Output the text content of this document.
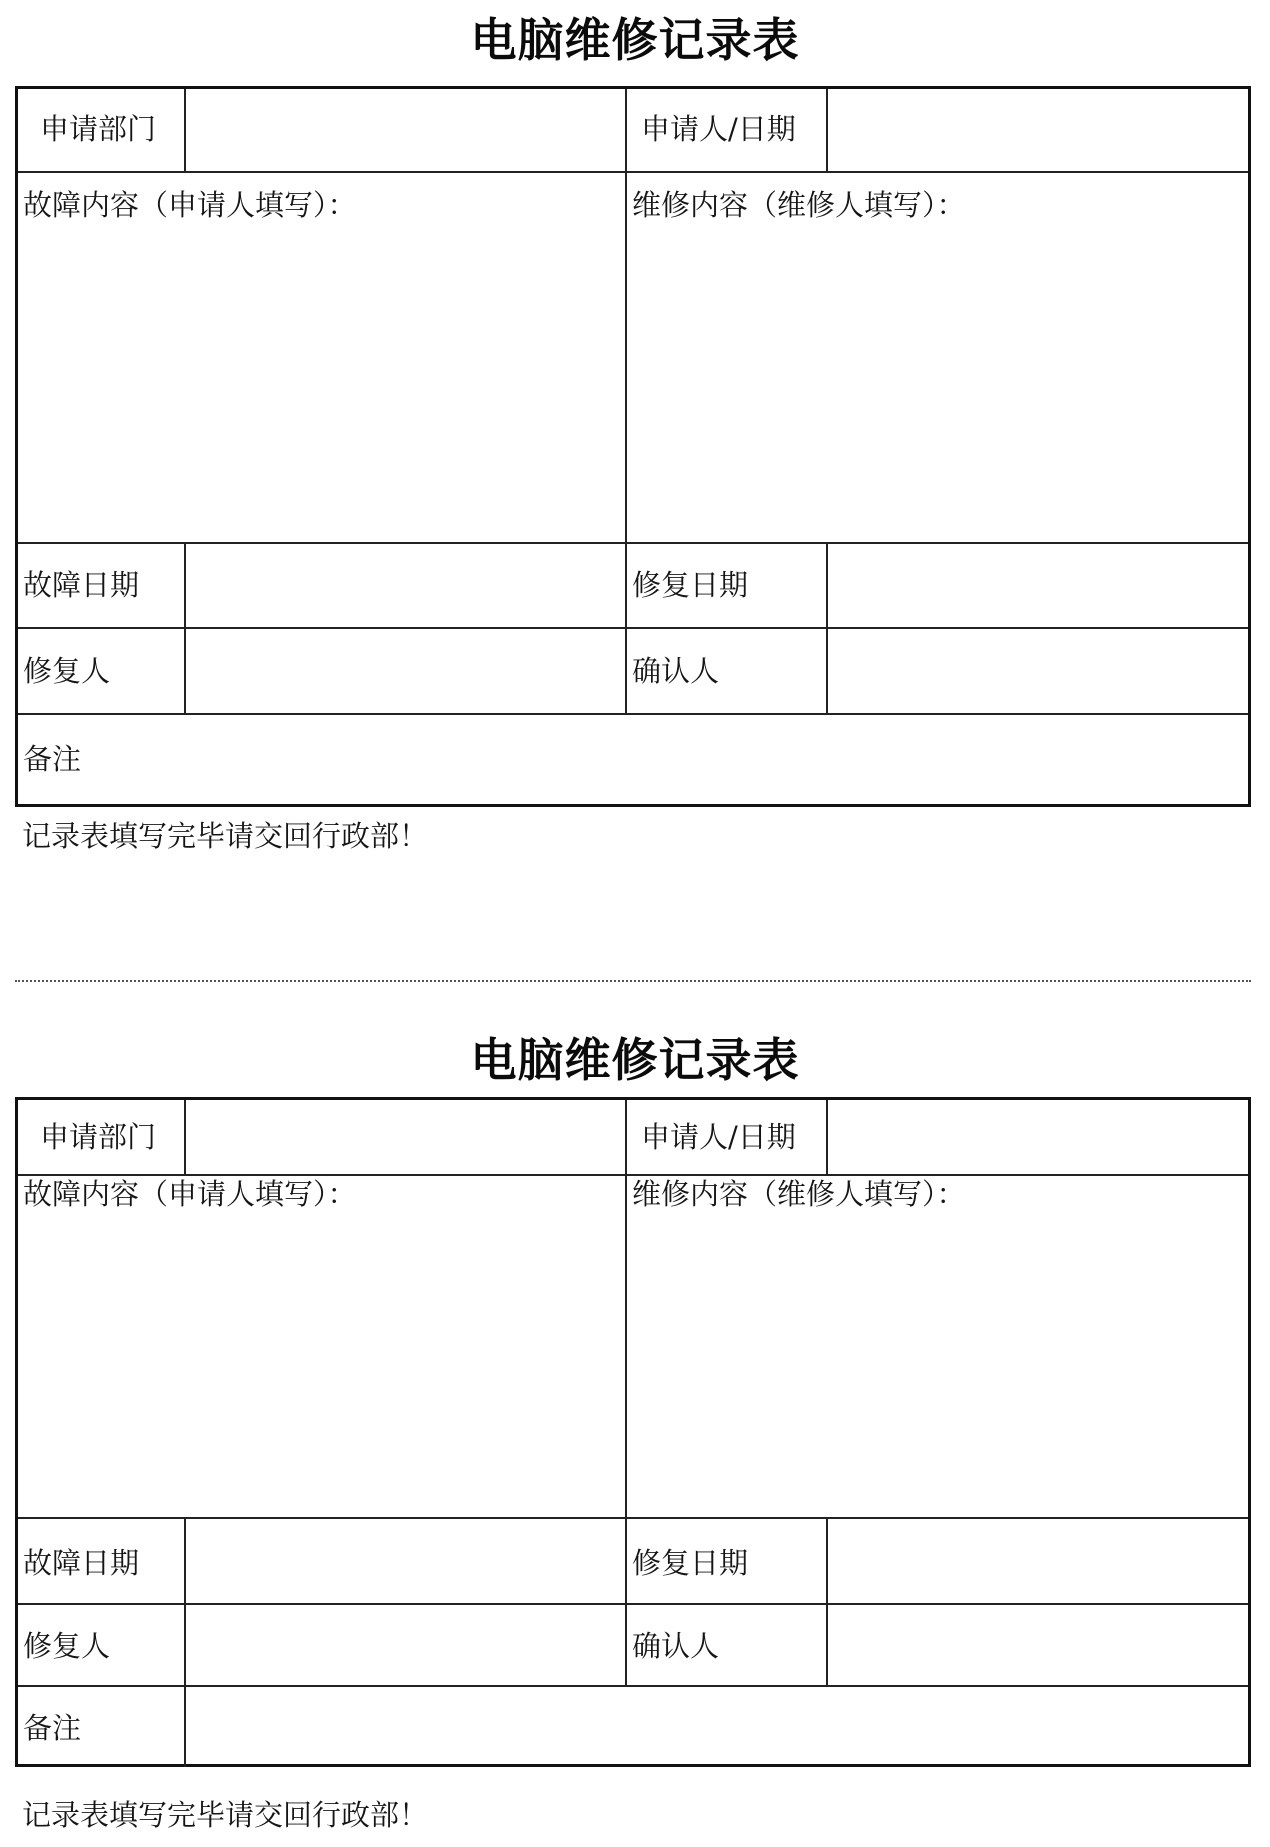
电脑维修记录表
申请部门	申请人/日期
故障内容（申请人填写）：	维修内容（维修人填写）：
故障日期	修复日期
修复人	确认人
备注
记录表填写完毕请交回行政部！
电脑维修记录表
申请部门	申请人/日期
故障内容（申请人填写）：	维修内容（维修人填写）：
故障日期	修复日期
修复人	确认人
备注
记录表填写完毕请交回行政部！
